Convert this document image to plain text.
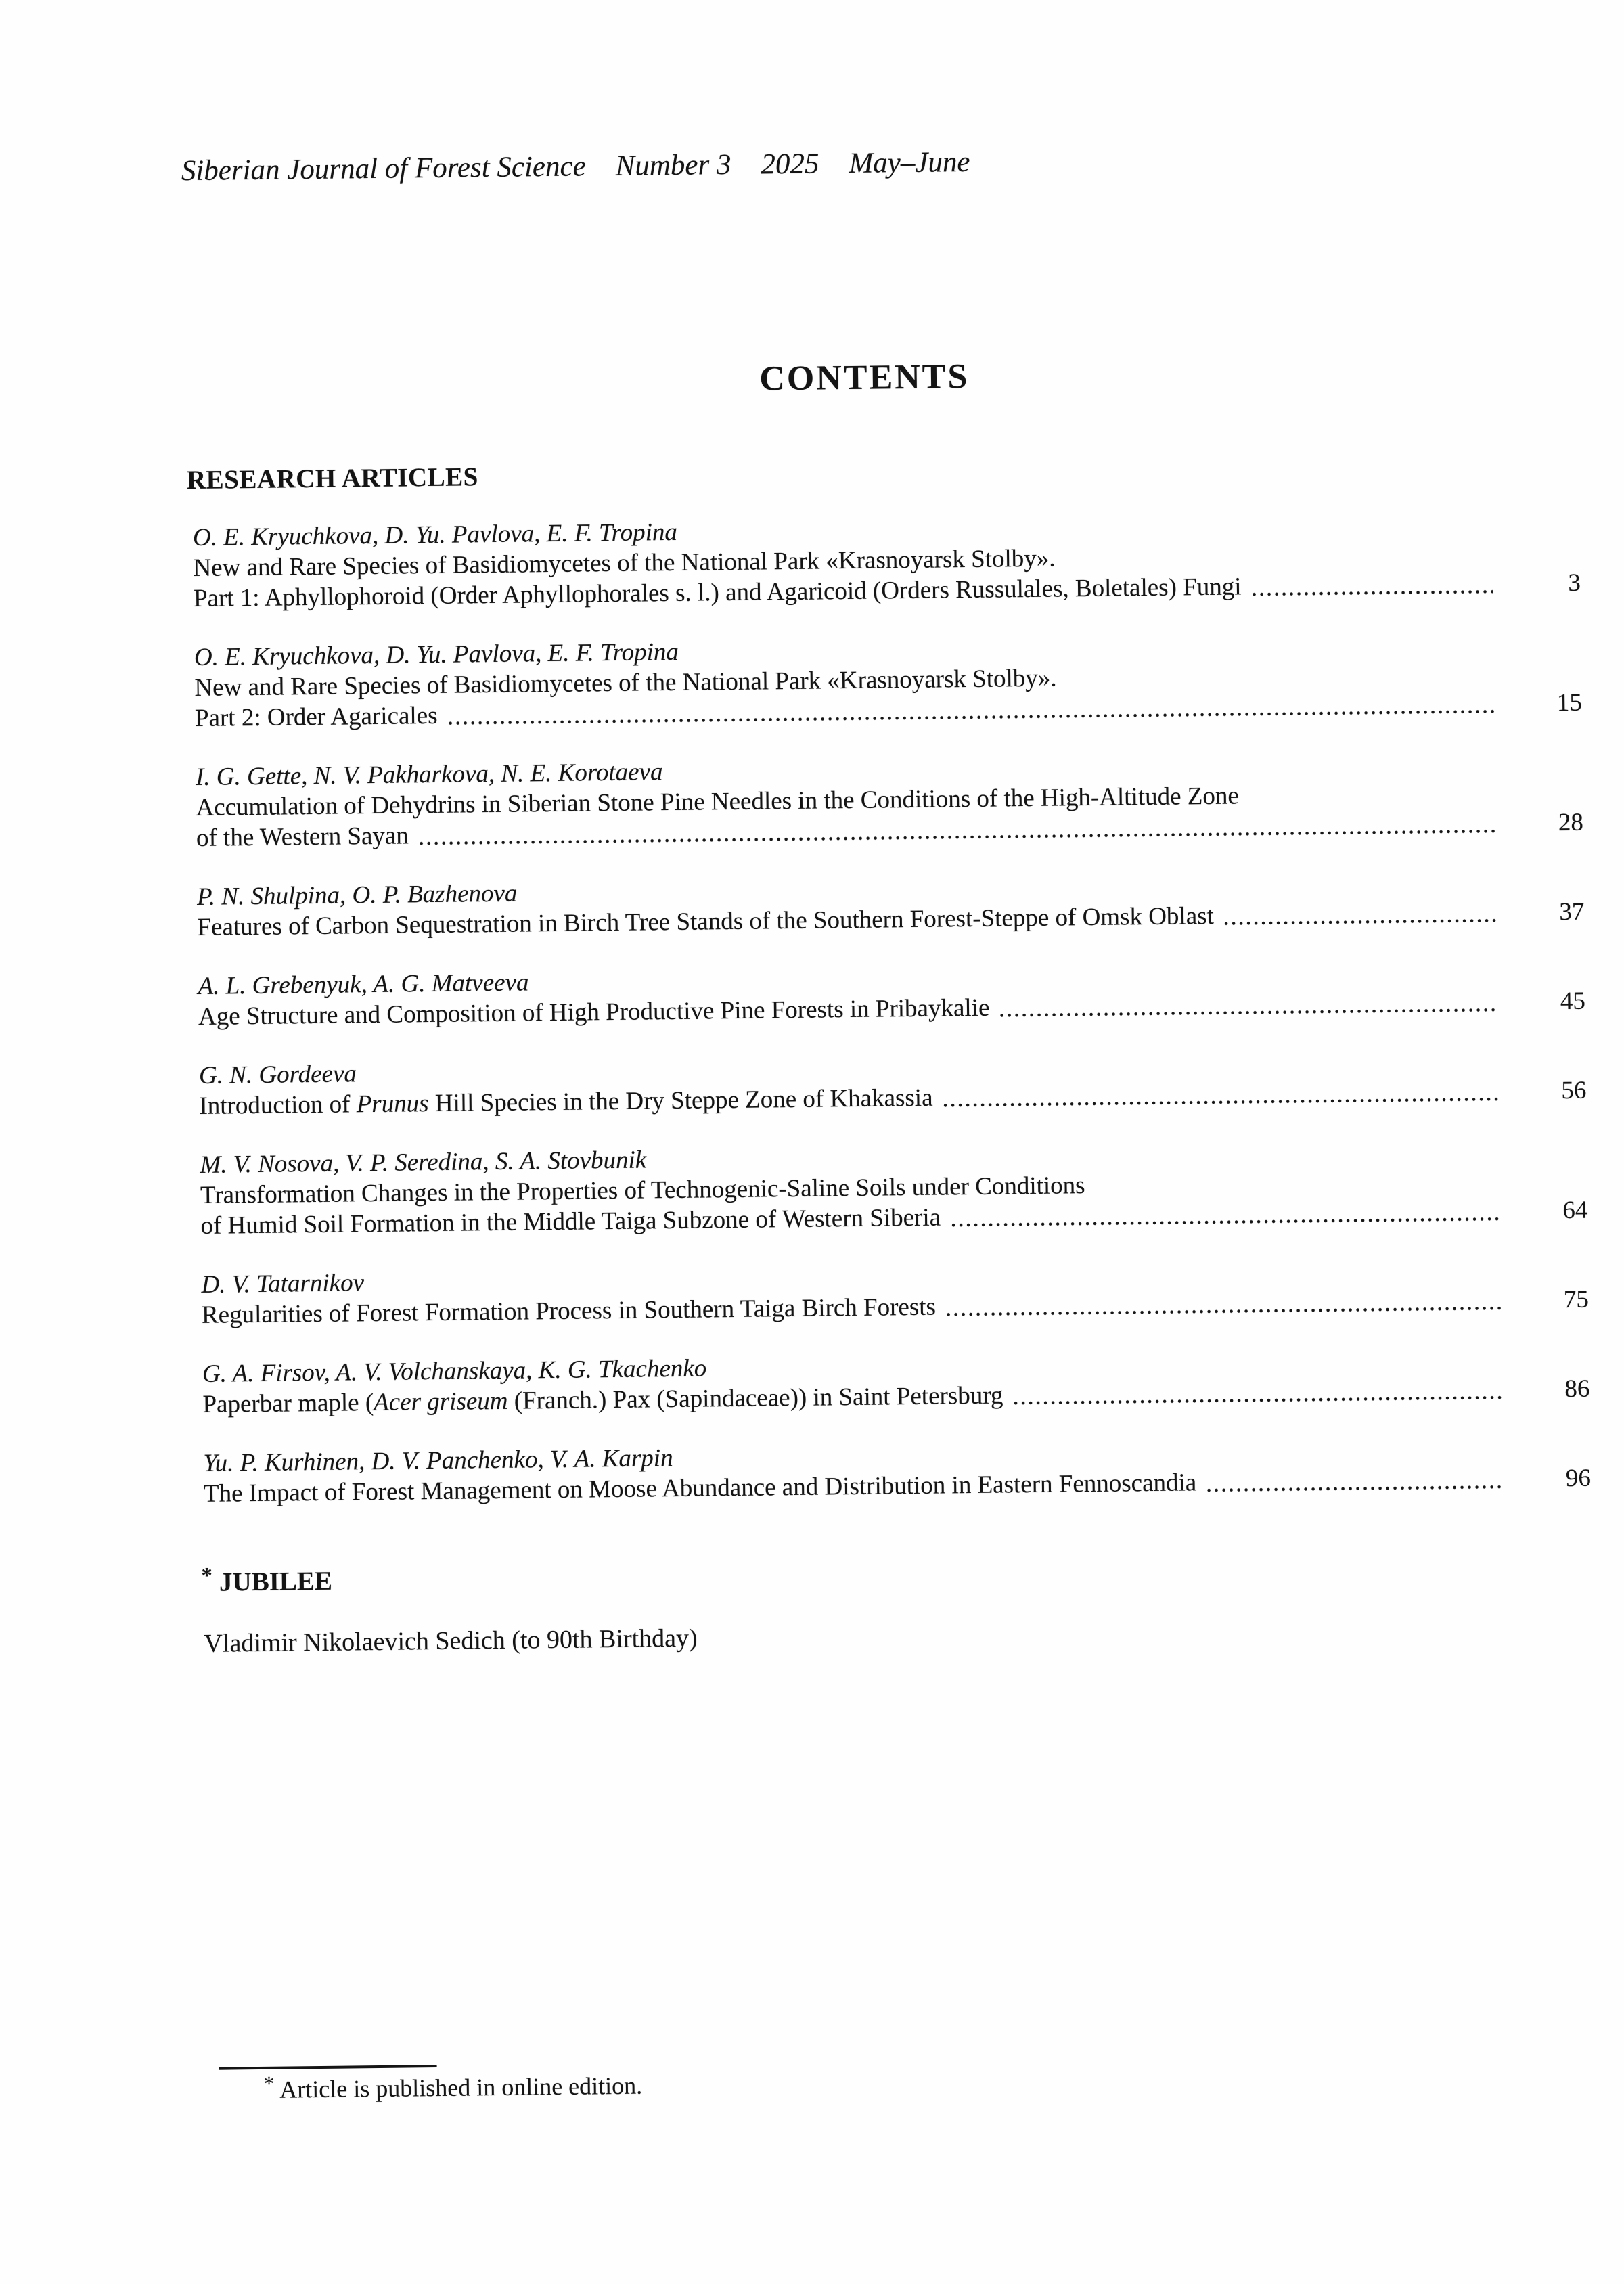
Siberian Journal of Forest Science Number 3 2025 May–June
CONTENTS
RESEARCH ARTICLES
O. E. Kryuchkova, D. Yu. Pavlova, E. F. Tropina
New and Rare Species of Basidiomycetes of the National Park «Krasnoyarsk Stolby».
Part 1: Aphyllophoroid (Order Aphyllophorales s. l.) and Agaricoid (Orders Russulales, Boletales) Fungi	3
O. E. Kryuchkova, D. Yu. Pavlova, E. F. Tropina
New and Rare Species of Basidiomycetes of the National Park «Krasnoyarsk Stolby».
Part 2: Order Agaricales	15
I. G. Gette, N. V. Pakharkova, N. E. Korotaeva
Accumulation of Dehydrins in Siberian Stone Pine Needles in the Conditions of the High-Altitude Zone
of the Western Sayan	28
P. N. Shulpina, O. P. Bazhenova
Features of Carbon Sequestration in Birch Tree Stands of the Southern Forest-Steppe of Omsk Oblast	37
A. L. Grebenyuk, A. G. Matveeva
Age Structure and Composition of High Productive Pine Forests in Pribaykalie	45
G. N. Gordeeva
Introduction of Prunus Hill Species in the Dry Steppe Zone of Khakassia	56
M. V. Nosova, V. P. Seredina, S. A. Stovbunik
Transformation Changes in the Properties of Technogenic-Saline Soils under Conditions
of Humid Soil Formation in the Middle Taiga Subzone of Western Siberia	64
D. V. Tatarnikov
Regularities of Forest Formation Process in Southern Taiga Birch Forests	75
G. A. Firsov, A. V. Volchanskaya, K. G. Tkachenko
Paperbar maple (Acer griseum (Franch.) Pax (Sapindaceae)) in Saint Petersburg	86
Yu. P. Kurhinen, D. V. Panchenko, V. A. Karpin
The Impact of Forest Management on Moose Abundance and Distribution in Eastern Fennoscandia	96
* JUBILEE
Vladimir Nikolaevich Sedich (to 90th Birthday)
* Article is published in online edition.
